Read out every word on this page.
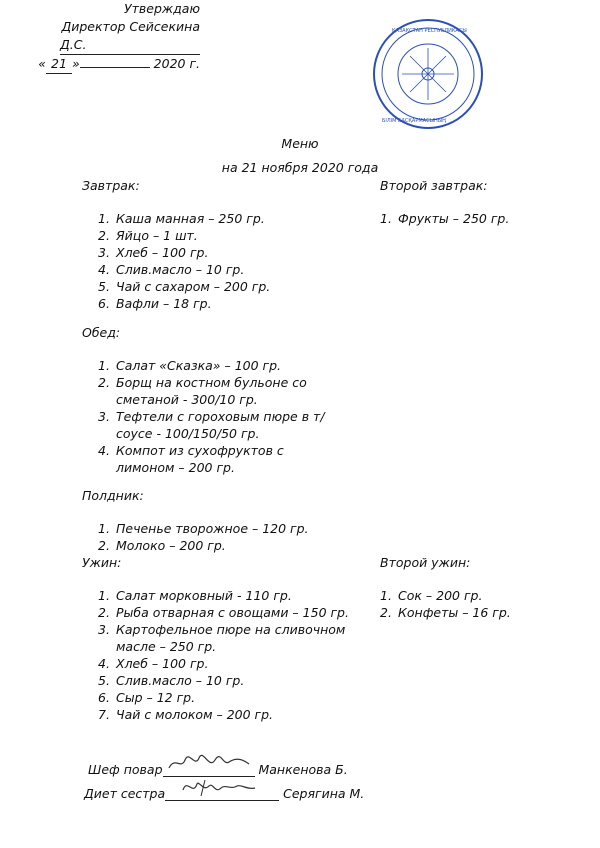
ҚАЗАҚСТАН РЕСПУБЛИКАСЫ
БІЛІМ БАСҚАРМАСЫНЫҢ
Утверждаю
Директор Сейсекина
Д.С.
« 21 »	2020 г.
Меню
на 21 ноября 2020 года
Завтрак:
1. Каша манная – 250 гр.
2. Яйцо – 1 шт.
3. Хлеб – 100 гр.
4. Слив.масло – 10 гр.
5. Чай с сахаром – 200 гр.
6. Вафли – 18 гр.
Второй завтрак:
1. Фрукты – 250 гр.
Обед:
1. Салат «Сказка» – 100 гр.
2. Борщ на костном бульоне со сметаной - 300/10 гр.
3. Тефтели с гороховым пюре в т/соусе - 100/150/50 гр.
4. Компот из сухофруктов с лимоном – 200 гр.
Полдник:
1. Печенье творожное – 120 гр.
2. Молоко – 200 гр.
Ужин:
1. Салат морковный - 110 гр.
2. Рыба отварная с овощами – 150 гр.
3. Картофельное пюре на сливочном масле – 250 гр.
4. Хлеб – 100 гр.
5. Слив.масло – 10 гр.
6. Сыр – 12 гр.
7. Чай с молоком – 200 гр.
Второй ужин:
1. Сок – 200 гр.
2. Конфеты – 16 гр.
Шеф повар	Манкенова Б.
Диет сестра	Серягина М.
